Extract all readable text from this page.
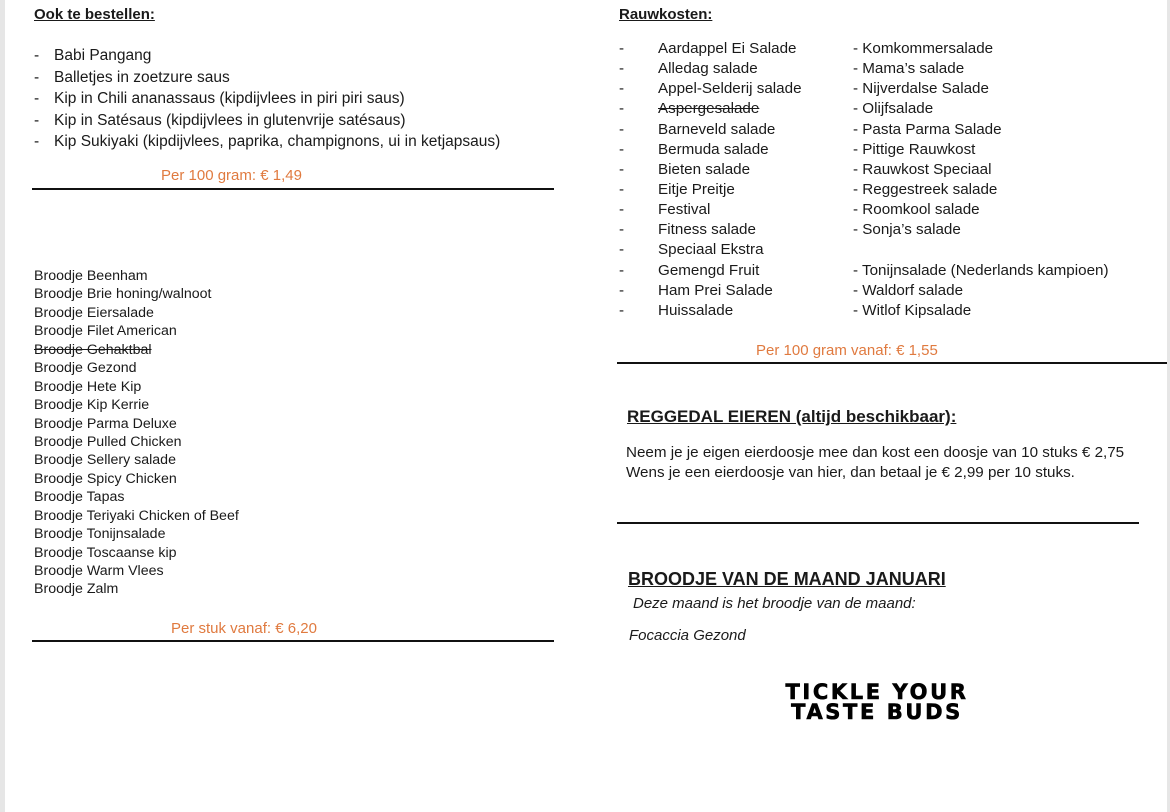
Ook te bestellen:
- Babi Pangang
- Balletjes in zoetzure saus
- Kip in Chili ananassaus (kipdijvlees in piri piri saus)
- Kip in Satésaus (kipdijvlees in glutenvrije satésaus)
- Kip Sukiyaki (kipdijvlees, paprika, champignons, ui in ketjapsaus)
Per 100 gram: € 1,49
Broodje Beenham
Broodje Brie honing/walnoot
Broodje Eiersalade
Broodje Filet American
Broodje Gehaktbal
Broodje Gezond
Broodje Hete Kip
Broodje Kip Kerrie
Broodje Parma Deluxe
Broodje Pulled Chicken
Broodje Sellery salade
Broodje Spicy Chicken
Broodje Tapas
Broodje Teriyaki Chicken of Beef
Broodje Tonijnsalade
Broodje Toscaanse kip
Broodje Warm Vlees
Broodje Zalm
Per stuk vanaf: € 6,20
Rauwkosten:
- Aardappel Ei Salade	- Komkommersalade
- Alledag salade	- Mama’s salade
- Appel-Selderij salade	- Nijverdalse Salade
- Aspergesalade	- Olijfsalade
- Barneveld salade	- Pasta Parma Salade
- Bermuda salade	- Pittige Rauwkost
- Bieten salade	- Rauwkost Speciaal
- Eitje Preitje	- Reggestreek salade
- Festival	- Roomkool salade
- Fitness salade	- Sonja’s salade
- Speciaal Ekstra
- Gemengd Fruit	- Tonijnsalade (Nederlands kampioen)
- Ham Prei Salade	- Waldorf salade
- Huissalade	- Witlof Kipsalade
Per 100 gram vanaf: € 1,55
REGGEDAL EIEREN (altijd beschikbaar):
Neem je je eigen eierdoosje mee dan kost een doosje van 10 stuks € 2,75
Wens je een eierdoosje van hier, dan betaal je € 2,99 per 10 stuks.
BROODJE VAN DE MAAND JANUARI
Deze maand is het broodje van de maand:
Focaccia Gezond
TICKLE YOUR
TASTE BUDS
